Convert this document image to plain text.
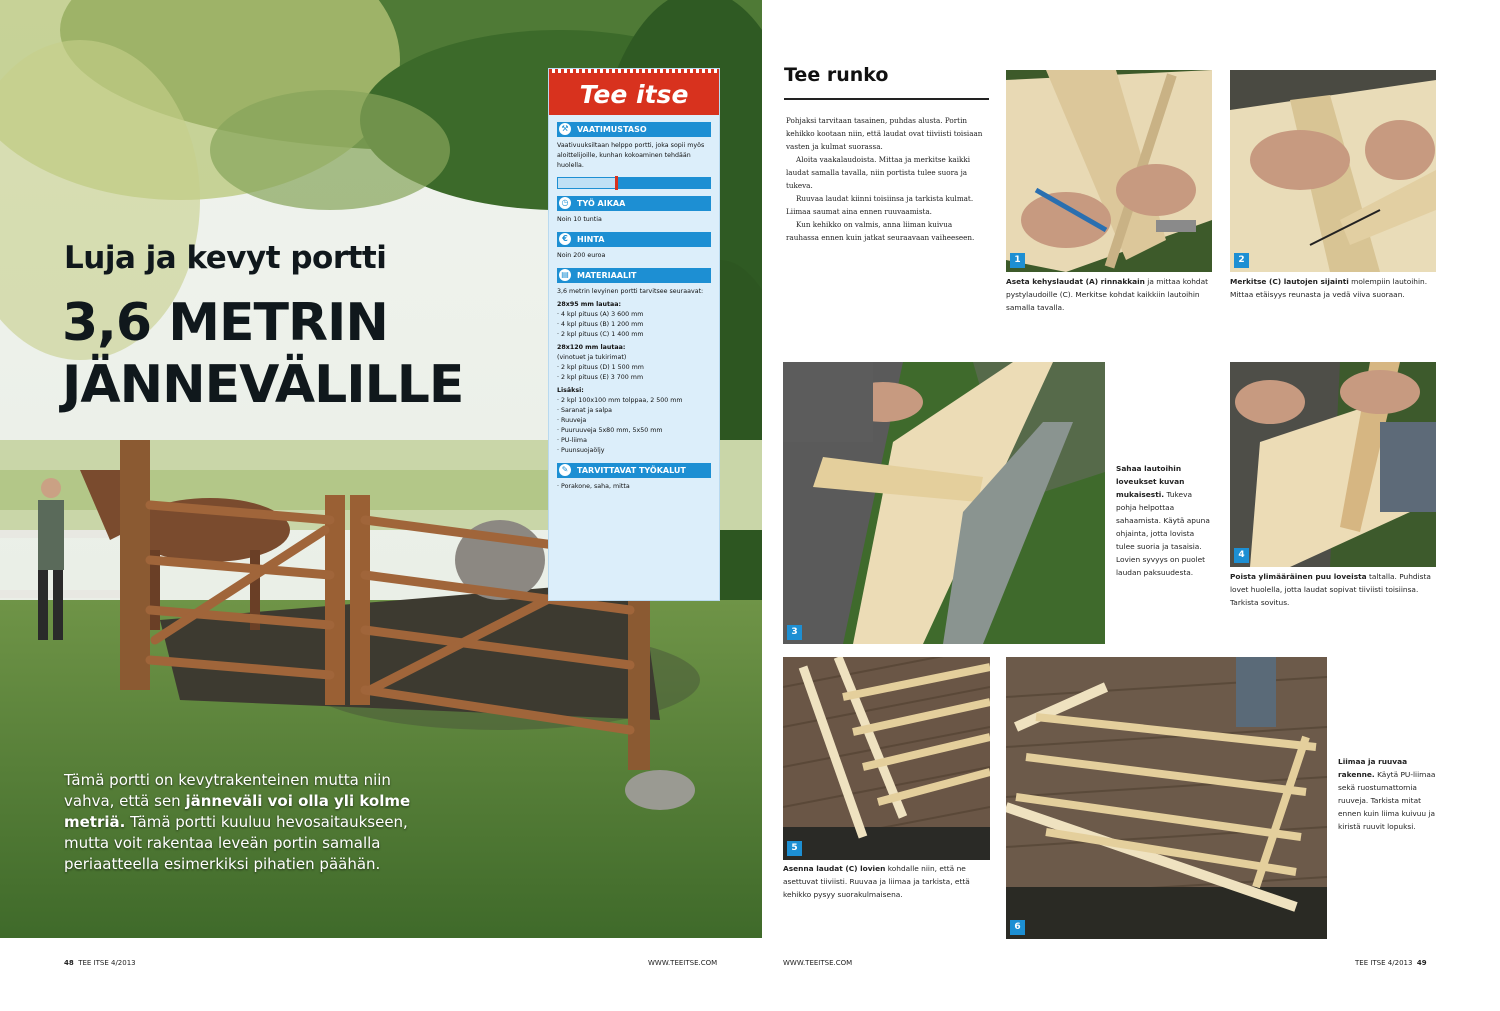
Luja ja kevyt portti
3,6 METRIN
JÄNNEVÄLILLE
Tämä portti on kevytrakenteinen mutta niin vahva, että sen jänneväli voi olla yli kolme metriä. Tämä portti kuuluu hevosaitaukseen, mutta voit rakentaa leveän portin samalla periaatteella esimerkiksi pihatien päähän.
Tee itse
⚒	VAATIMUSTASO
Vaativuuksiltaan helppo portti, joka sopii myös aloittelijoille, kunhan kokoaminen tehdään huolella.
◷	TYÖ AIKAA
Noin 10 tuntia
€	HINTA
Noin 200 euroa
▤ MATERIAALIT
3,6 metrin levyinen portti tarvitsee seuraavat:
28x95 mm lautaa:
· 4 kpl pituus (A) 3 600 mm
· 4 kpl pituus (B) 1 200 mm
· 2 kpl pituus (C) 1 400 mm
28x120 mm lautaa:
(vinotuet ja tukirimat)
· 2 kpl pituus (D) 1 500 mm
· 2 kpl pituus (E) 3 700 mm
Lisäksi:
· 2 kpl 100x100 mm tolppaa, 2 500 mm
· Saranat ja salpa
· Ruuveja
· Puuruuveja 5x80 mm, 5x50 mm
· PU-liima
· Puunsuojaöljy
✎	TARVITTAVAT TYÖKALUT
· Porakone, saha, mitta
Tee runko

Pohjaksi tarvitaan tasainen, puhdas alusta. Portin kehikko kootaan niin, että laudat ovat tiiviisti toisiaan vasten ja kulmat suorassa.

Aloita vaakalaudoista. Mittaa ja merkitse kaikki laudat samalla tavalla, niin portista tulee suora ja tukeva.

Ruuvaa laudat kiinni toisiinsa ja tarkista kulmat. Liimaa saumat aina ennen ruuvaamista.

Kun kehikko on valmis, anna liiman kuivua rauhassa ennen kuin jatkat seuraavaan vaiheeseen.

1
Aseta kehyslaudat (A) rinnakkain ja mittaa kohdat pystylaudoille (C). Merkitse kohdat kaikkiin lautoihin samalla tavalla.
2
Merkitse (C) lautojen sijainti molempiin lautoihin. Mittaa etäisyys reunasta ja vedä viiva suoraan.
3
Sahaa lautoihin loveukset kuvan mukaisesti. Tukeva pohja helpottaa sahaamista. Käytä apuna ohjainta, jotta lovista tulee suoria ja tasaisia. Lovien syvyys on puolet laudan paksuudesta.
4
Poista ylimääräinen puu loveista taltalla. Puhdista lovet huolella, jotta laudat sopivat tiiviisti toisiinsa. Tarkista sovitus.
5
Asenna laudat (C) lovien kohdalle niin, että ne asettuvat tiiviisti. Ruuvaa ja liimaa ja tarkista, että kehikko pysyy suorakulmaisena.
6
Liimaa ja ruuvaa rakenne. Käytä PU-liimaa sekä ruostumattomia ruuveja. Tarkista mitat ennen kuin liima kuivuu ja kiristä ruuvit lopuksi.
48 TEE ITSE 4/2013	WWW.TEEITSE.COM	WWW.TEEITSE.COM	TEE ITSE 4/2013 49
